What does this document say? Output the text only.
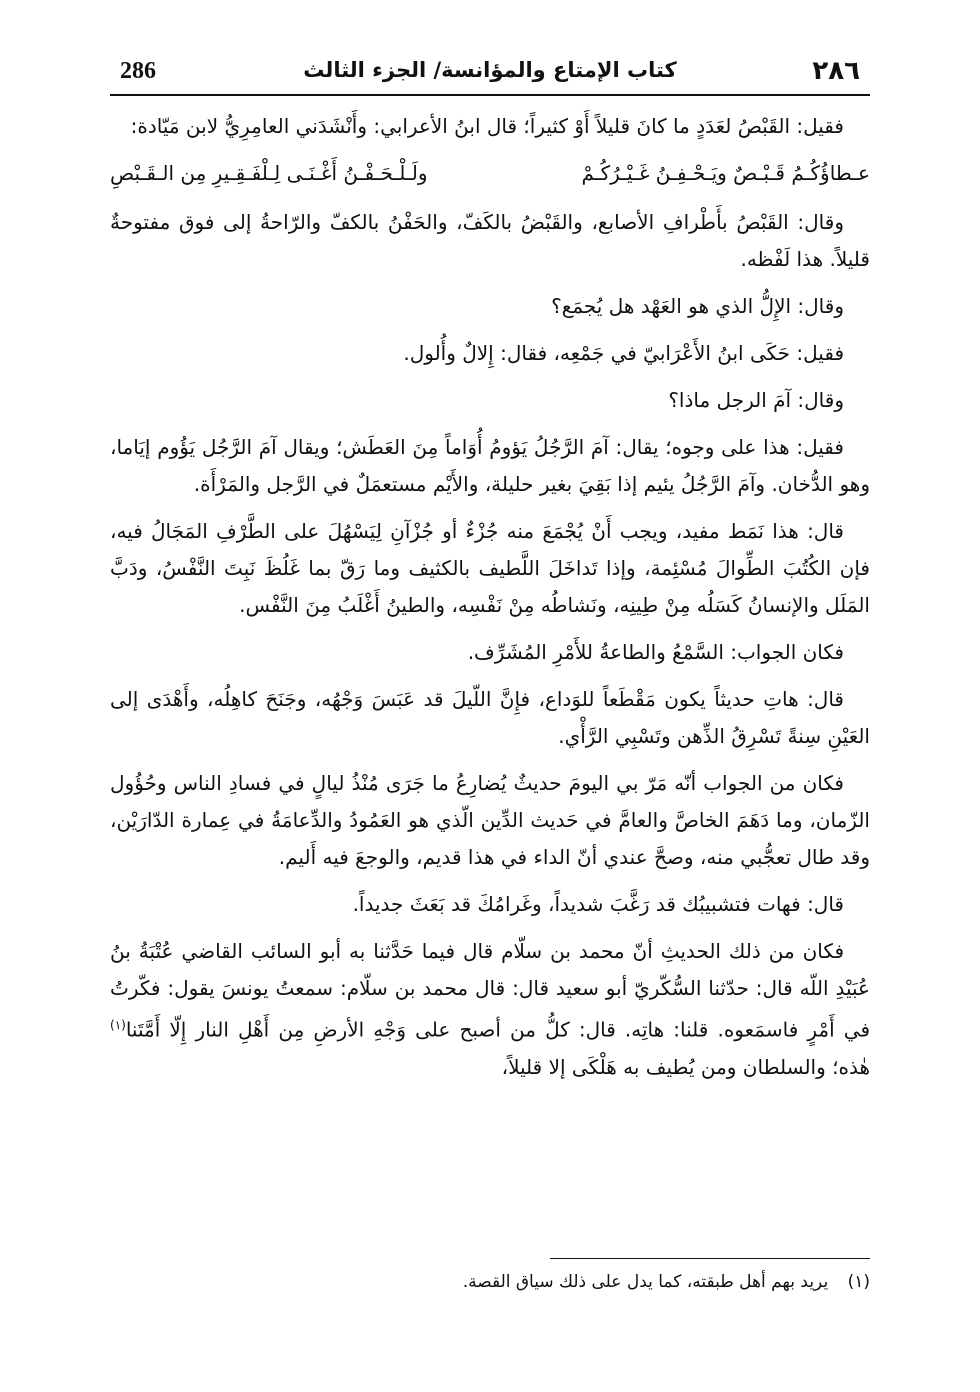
286	كتاب الإمتاع والمؤانسة/ الجزء الثالث	٢٨٦

فقيل: القَبْصُ لعَدَدٍ ما كانَ قليلاً أَوْ كثيراً؛ قال ابنُ الأعرابي: وأَنْشَدَني العامِرِيُّ لابن مَيّادة:

عـطاؤُكُـمُ قَـبْـصٌ ويَـحْـفِـنُ غَـيْـرُكُـمْ
ولَـلْـحَـفْـنُ أَغْـنَـى لِـلْفَـقِـيرِ مِن الـقَـبْصِ

وقال: القَبْصُ بأَطْرافِ الأصابع، والقَبْضُ بالكَفّ، والحَفْنُ بالكفّ والرّاحةُ إلى فوق مفتوحةٌ قليلاً. هذا لَفْظه.

وقال: الإِلُّ الذي هو العَهْد هل يُجمَع؟

فقيل: حَكَى ابنُ الأَعْرَابيّ في جَمْعِه، فقال: إِلالٌ وأُلول.

وقال: آمَ الرجل ماذا؟

فقيل: هذا على وجوه؛ يقال: آمَ الرَّجُلُ يَؤومُ أُوَاماً مِنَ العَطَش؛ ويقال آمَ الرَّجُل يَؤُوم إيَاما، وهو الدُّخان. وآمَ الرَّجُلُ يئيم إذا بَقِيَ بغير حليلة، والأَيْم مستعمَلٌ في الرَّجل والمَرْأَة.

قال: هذا نَمَط مفيد، ويجب أَنْ يُجْمَعَ منه جُزْءٌ أو جُزْآنِ لِيَسْهُلَ على الطَّرْفِ المَجَالُ فيه، فإن الكُتُبَ الطِّوالَ مُسْئِمة، وإذا تَداخَلَ اللَّطيف بالكثيف وما رَقّ بما غَلُظَ نَبِتَ النَّفْسُ، ودَبَّ المَلَل والإنسانُ كَسَلُه مِنْ طِينِه، ونَشاطُه مِنْ نَفْسِه، والطينُ أَغْلَبُ مِنَ النَّفْس.

فكان الجواب: السَّمْعُ والطاعةُ للأَمْرِ المُشَرِّف.

قال: هاتِ حديثاً يكون مَقْطَعاً للوَداع، فإِنَّ اللّيلَ قد عَبَسَ وَجْهُه، وجَنَحَ كاهِلُه، وأَهْدَى إلى العَيْنِ سِنةً تَسْرِقُ الذِّهن وتَسْبِي الرَّأْي.

فكان من الجواب أنّه مَرّ بي اليومَ حديثٌ يُضارِعُ ما جَرَى مُنْذُ ليالٍ في فسادِ الناس وحُؤُول الزّمان، وما دَهَمَ الخاصَّ والعامَّ في حَديث الدِّين الّذي هو العَمُودُ والدِّعامَةُ في عِمارة الدّارَيْن، وقد طال تعجُّبي منه، وصحَّ عندي أنّ الداء في هذا قديم، والوجعَ فيه أَليم.

قال: فهات فتشبيبُك قد رَغَّبَ شديداً، وغَرامُكَ قد بَعَثَ جديداً.

فكان من ذلك الحديثِ أنّ محمد بن سلّام قال فيما حَدَّثنا به أبو السائب القاضي عُتْبَةُ بنُ عُبَيْدِ اللّه قال: حدّثنا السُّكّريّ أبو سعيد قال: قال محمد بن سلّام: سمعتُ يونسَ يقول: فكّرتُ في أَمْرٍ فاسمَعوه. قلنا: هاتِه. قال: كلُّ من أصبح على وَجْهِ الأرضِ مِن أَهْلِ النار إِلّا أَمَّتَنا$^{(١)}$ هٰذه؛ والسلطان ومن يُطيف به هَلْكَى إلا قليلاً،

(١) يريد بهم أهل طبقته، كما يدل على ذلك سياق القصة.
